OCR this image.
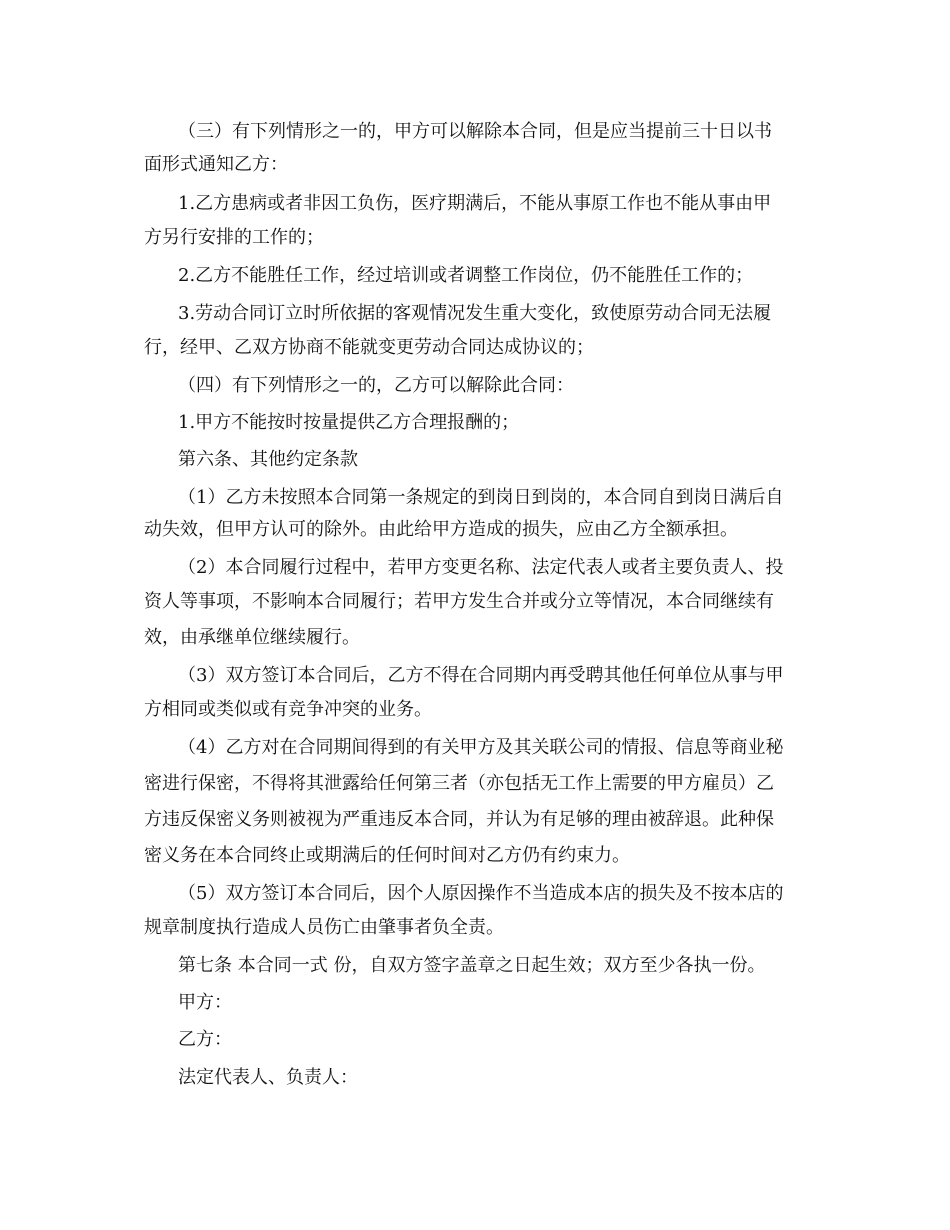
（三）有下列情形之一的，甲方可以解除本合同，但是应当提前三十日以书
面形式通知乙方：
1.乙方患病或者非因工负伤，医疗期满后，不能从事原工作也不能从事由甲
方另行安排的工作的；
2.乙方不能胜任工作，经过培训或者调整工作岗位，仍不能胜任工作的；
3.劳动合同订立时所依据的客观情况发生重大变化，致使原劳动合同无法履
行，经甲、乙双方协商不能就变更劳动合同达成协议的；
（四）有下列情形之一的，乙方可以解除此合同：
1.甲方不能按时按量提供乙方合理报酬的；
第六条、其他约定条款
（1）乙方未按照本合同第一条规定的到岗日到岗的，本合同自到岗日满后自
动失效，但甲方认可的除外。由此给甲方造成的损失，应由乙方全额承担。
（2）本合同履行过程中，若甲方变更名称、法定代表人或者主要负责人、投
资人等事项，不影响本合同履行；若甲方发生合并或分立等情况，本合同继续有
效，由承继单位继续履行。
（3）双方签订本合同后，乙方不得在合同期内再受聘其他任何单位从事与甲
方相同或类似或有竞争冲突的业务。
（4）乙方对在合同期间得到的有关甲方及其关联公司的情报、信息等商业秘
密进行保密，不得将其泄露给任何第三者（亦包括无工作上需要的甲方雇员）乙
方违反保密义务则被视为严重违反本合同，并认为有足够的理由被辞退。此种保
密义务在本合同终止或期满后的任何时间对乙方仍有约束力。
（5）双方签订本合同后，因个人原因操作不当造成本店的损失及不按本店的
规章制度执行造成人员伤亡由肇事者负全责。
第七条 本合同一式 份，自双方签字盖章之日起生效；双方至少各执一份。
甲方：
乙方：
法定代表人、负责人：
